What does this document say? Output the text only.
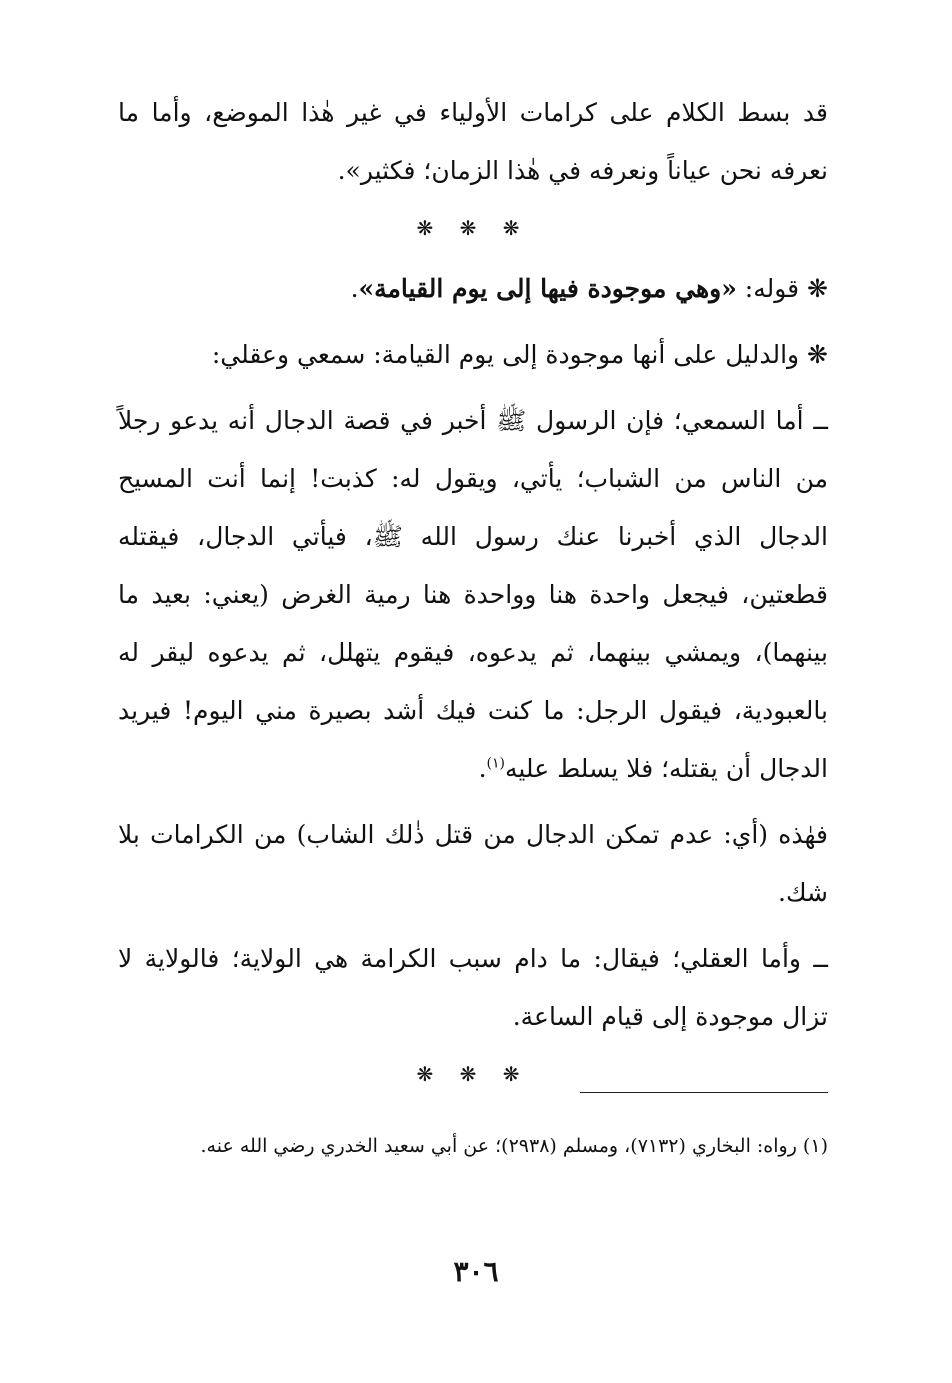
قد بسط الكلام على كرامات الأولياء في غير هٰذا الموضع، وأما ما نعرفه نحن عياناً ونعرفه في هٰذا الزمان؛ فكثير».

❋ ❋ ❋

❋ قوله: «وهي موجودة فيها إلى يوم القيامة».

❋ والدليل على أنها موجودة إلى يوم القيامة: سمعي وعقلي:

ــ أما السمعي؛ فإن الرسول ﷺ أخبر في قصة الدجال أنه يدعو رجلاً من الناس من الشباب؛ يأتي، ويقول له: كذبت! إنما أنت المسيح الدجال الذي أخبرنا عنك رسول الله ﷺ، فيأتي الدجال، فيقتله قطعتين، فيجعل واحدة هنا وواحدة هنا رمية الغرض (يعني: بعيد ما بينهما)، ويمشي بينهما، ثم يدعوه، فيقوم يتهلل، ثم يدعوه ليقر له بالعبودية، فيقول الرجل: ما كنت فيك أشد بصيرة مني اليوم! فيريد الدجال أن يقتله؛ فلا يسلط عليه$^{(١)}$.

فهٰذه (أي: عدم تمكن الدجال من قتل ذٰلك الشاب) من الكرامات بلا شك.

ــ وأما العقلي؛ فيقال: ما دام سبب الكرامة هي الولاية؛ فالولاية لا تزال موجودة إلى قيام الساعة.

❋ ❋ ❋
(١) رواه: البخاري (٧١٣٢)، ومسلم (٢٩٣٨)؛ عن أبي سعيد الخدري رضي الله عنه.
٣٠٦
